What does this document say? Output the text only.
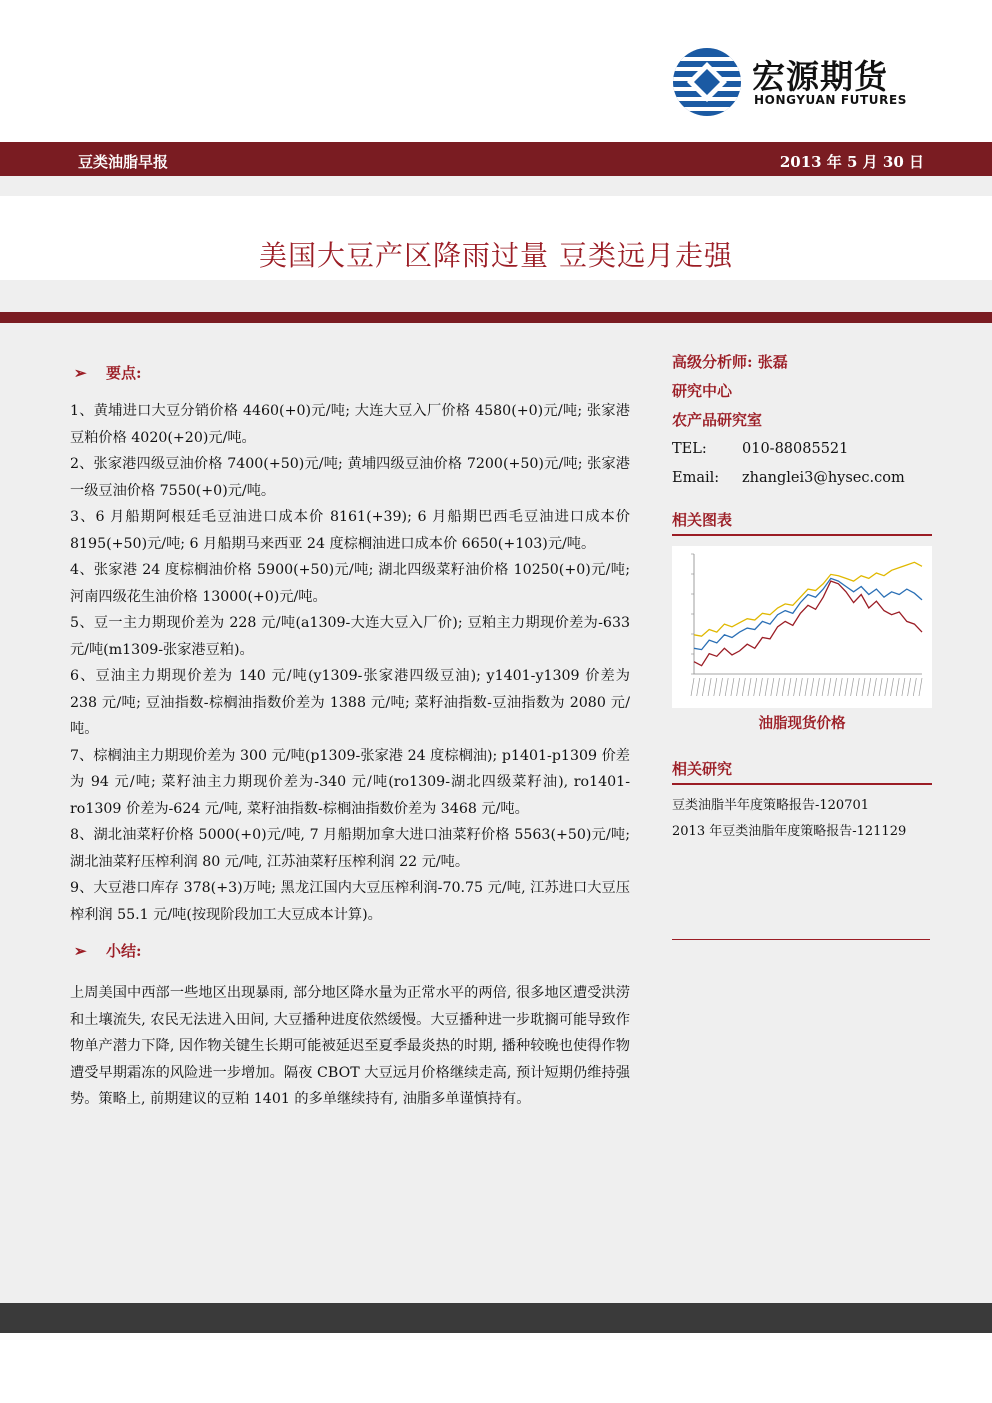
宏源期货
HONGYUAN FUTURES
豆类油脂早报	2013 年 5 月 30 日
美国大豆产区降雨过量 豆类远月走强
➢ 要点:

1、黄埔进口大豆分销价格 4460(+0)元/吨; 大连大豆入厂价格 4580(+0)元/吨; 张家港豆粕价格 4020(+20)元/吨。

2、张家港四级豆油价格 7400(+50)元/吨; 黄埔四级豆油价格 7200(+50)元/吨; 张家港一级豆油价格 7550(+0)元/吨。

3、6 月船期阿根廷毛豆油进口成本价 8161(+39); 6 月船期巴西毛豆油进口成本价 8195(+50)元/吨; 6 月船期马来西亚 24 度棕榈油进口成本价 6650(+103)元/吨。

4、张家港 24 度棕榈油价格 5900(+50)元/吨; 湖北四级菜籽油价格 10250(+0)元/吨; 河南四级花生油价格 13000(+0)元/吨。

5、豆一主力期现价差为 228 元/吨(a1309-大连大豆入厂价); 豆粕主力期现价差为-633 元/吨(m1309-张家港豆粕)。

6、豆油主力期现价差为 140 元/吨(y1309-张家港四级豆油); y1401-y1309 价差为 238 元/吨; 豆油指数-棕榈油指数价差为 1388 元/吨; 菜籽油指数-豆油指数为 2080 元/吨。

7、棕榈油主力期现价差为 300 元/吨(p1309-张家港 24 度棕榈油); p1401-p1309 价差为 94 元/吨; 菜籽油主力期现价差为-340 元/吨(ro1309-湖北四级菜籽油), ro1401-ro1309 价差为-624 元/吨, 菜籽油指数-棕榈油指数价差为 3468 元/吨。

8、湖北油菜籽价格 5000(+0)元/吨, 7 月船期加拿大进口油菜籽价格 5563(+50)元/吨; 湖北油菜籽压榨利润 80 元/吨, 江苏油菜籽压榨利润 22 元/吨。

9、大豆港口库存 378(+3)万吨; 黑龙江国内大豆压榨利润-70.75 元/吨, 江苏进口大豆压榨利润 55.1 元/吨(按现阶段加工大豆成本计算)。

➢ 小结:

上周美国中西部一些地区出现暴雨, 部分地区降水量为正常水平的两倍, 很多地区遭受洪涝和土壤流失, 农民无法进入田间, 大豆播种进度依然缓慢。大豆播种进一步耽搁可能导致作物单产潜力下降, 因作物关键生长期可能被延迟至夏季最炎热的时期, 播种较晚也使得作物遭受早期霜冻的风险进一步增加。隔夜 CBOT 大豆远月价格继续走高, 预计短期仍维持强势。策略上, 前期建议的豆粕 1401 的多单继续持有, 油脂多单谨慎持有。

高级分析师: 张磊
研究中心
农产品研究室
TEL: 010-88085521
Email: zhanglei3@hysec.com
相关图表
油脂现货价格
相关研究
豆类油脂半年度策略报告-120701
2013 年豆类油脂年度策略报告-121129
